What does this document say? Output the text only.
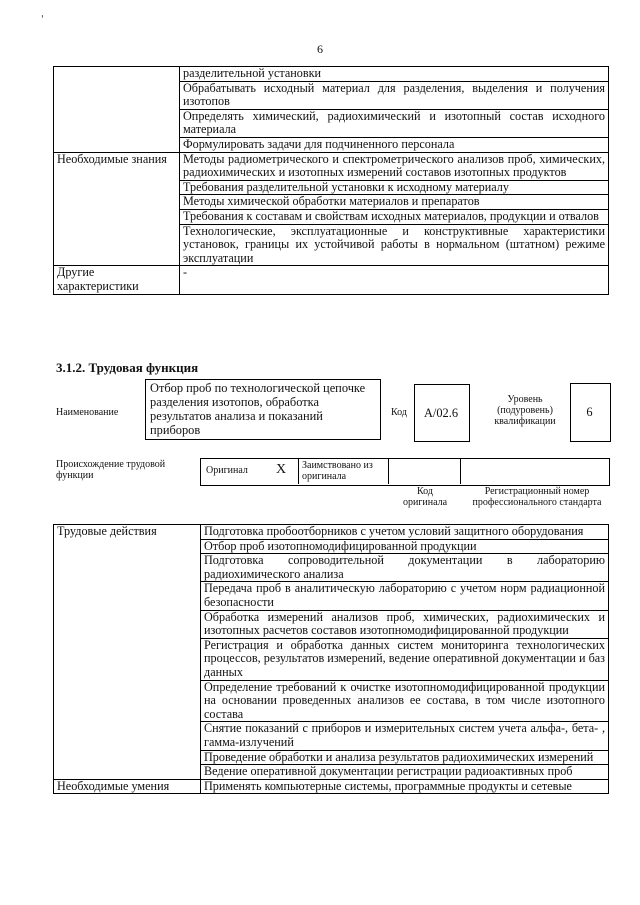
'
6
	разделительной установки
	Обрабатывать исходный материал для разделения, выделения и получения изотопов
	Определять химический, радиохимический и изотопный состав исходного материала
	Формулировать задачи для подчиненного персонала
Необходимые знания	Методы радиометрического и спектрометрического анализов проб, химических, радиохимических и изотопных измерений составов изотопных продуктов
	Требования разделительной установки к исходному материалу
	Методы химической обработки материалов и препаратов
	Требования к составам и свойствам исходных материалов, продукции и отвалов
	Технологические, эксплуатационные и конструктивные характеристики установок, границы их устойчивой работы в нормальном (штатном) режиме эксплуатации
Другие характеристики	-
3.1.2. Трудовая функция
Наименование
Отбор проб по технологической цепочке разделения изотопов, обработка результатов анализа и показаний приборов
Код	А/02.6
Уровень (подуровень) квалификации
6
Происхождение трудовой функции	Оригинал Х Заимствовано из оригинала
Код оригинала
Регистрационный номер профессионального стандарта
Трудовые действия	Подготовка пробоотборников с учетом условий защитного оборудования
	Отбор проб изотопномодифицированной продукции
	Подготовка сопроводительной документации в лабораторию радиохимического анализа
	Передача проб в аналитическую лабораторию с учетом норм радиационной безопасности
	Обработка измерений анализов проб, химических, радиохимических и изотопных расчетов составов изотопномодифицированной продукции
	Регистрация и обработка данных систем мониторинга технологических процессов, результатов измерений, ведение оперативной документации и баз данных
	Определение требований к очистке изотопномодифицированной продукции на основании проведенных анализов ее состава, в том числе изотопного состава
	Снятие показаний с приборов и измерительных систем учета альфа-, бета- , гамма-излучений
	Проведение обработки и анализа результатов радиохимических измерений
	Ведение оперативной документации регистрации радиоактивных проб
Необходимые умения	Применять компьютерные системы, программные продукты и сетевые
